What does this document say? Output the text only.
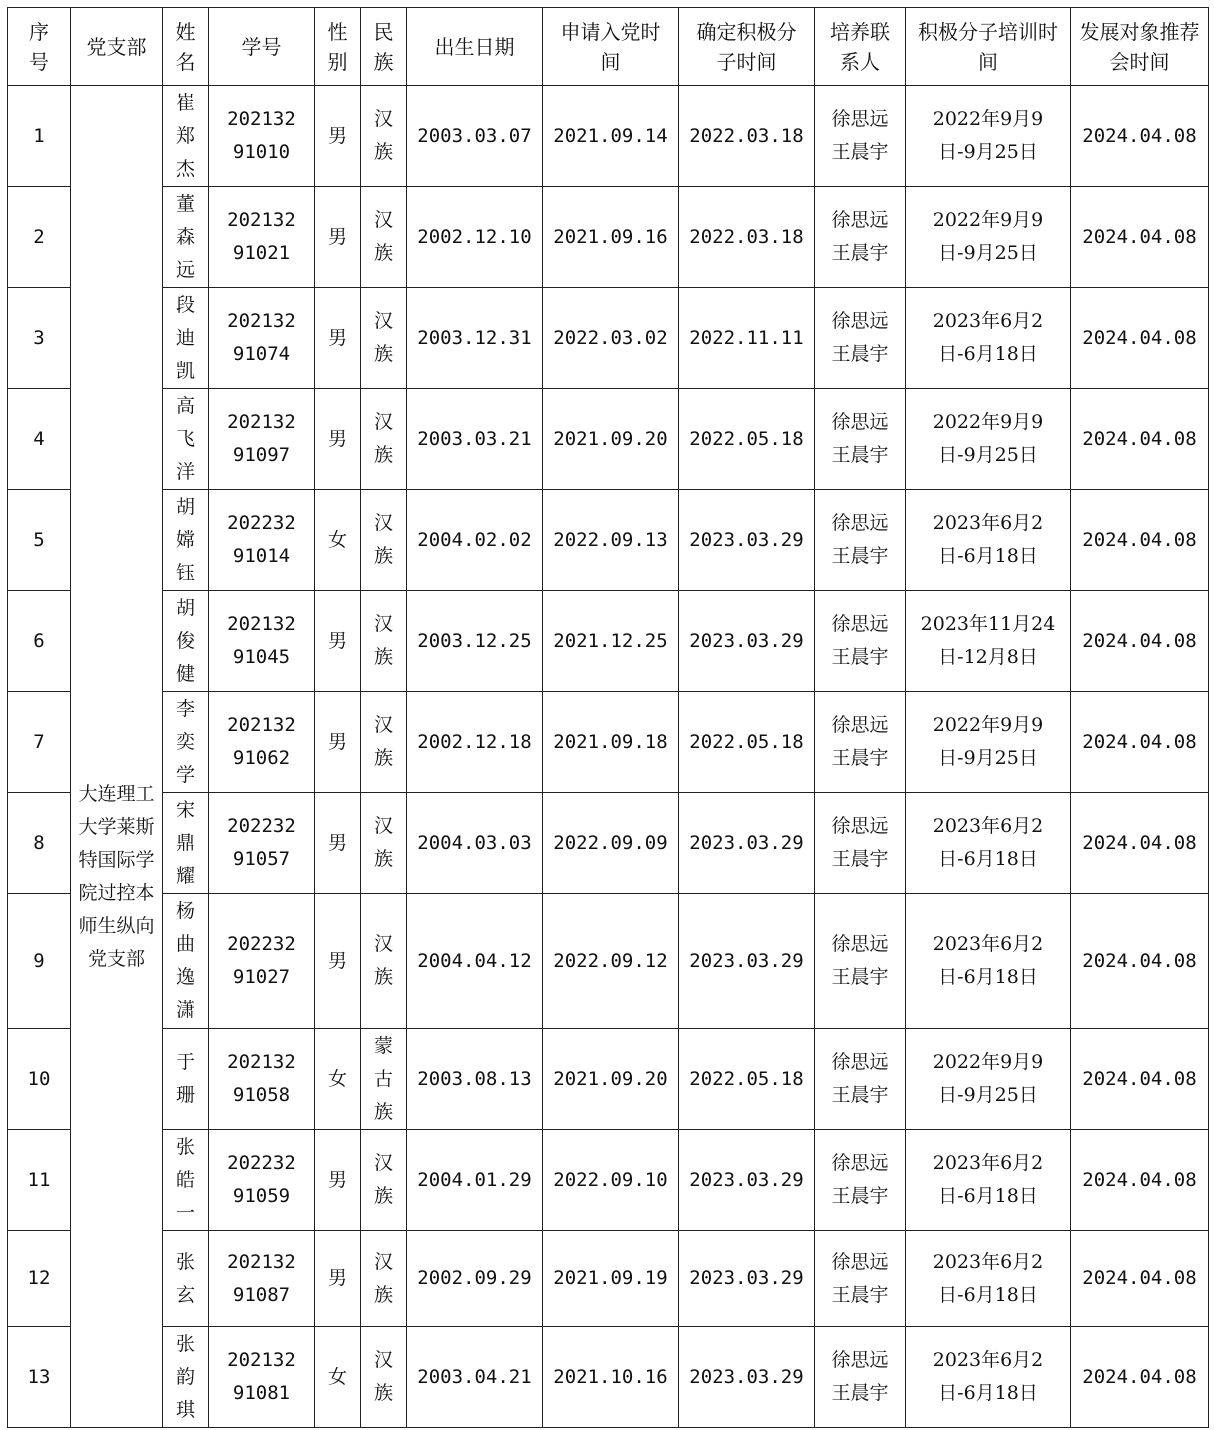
序号	党支部	姓名	学号	性别	民族	出生日期	申请入党时间	确定积极分子时间	培养联系人	积极分子培训时间	发展对象推荐会时间
1	大连理工大学莱斯特国际学院过控本师生纵向党支部	崔郑杰	20213291010	男	汉族	2003.03.07	2021.09.14	2022.03.18	徐思远王晨宇	2022年9月9日-9月25日	2024.04.08
2		董森远	20213291021	男	汉族	2002.12.10	2021.09.16	2022.03.18	徐思远王晨宇	2022年9月9日-9月25日	2024.04.08
3		段迪凯	20213291074	男	汉族	2003.12.31	2022.03.02	2022.11.11	徐思远王晨宇	2023年6月2日-6月18日	2024.04.08
4		高飞洋	20213291097	男	汉族	2003.03.21	2021.09.20	2022.05.18	徐思远王晨宇	2022年9月9日-9月25日	2024.04.08
5		胡嫦钰	20223291014	女	汉族	2004.02.02	2022.09.13	2023.03.29	徐思远王晨宇	2023年6月2日-6月18日	2024.04.08
6		胡俊健	20213291045	男	汉族	2003.12.25	2021.12.25	2023.03.29	徐思远王晨宇	2023年11月24日-12月8日	2024.04.08
7		李奕学	20213291062	男	汉族	2002.12.18	2021.09.18	2022.05.18	徐思远王晨宇	2022年9月9日-9月25日	2024.04.08
8		宋鼎耀	20223291057	男	汉族	2004.03.03	2022.09.09	2023.03.29	徐思远王晨宇	2023年6月2日-6月18日	2024.04.08
9		杨曲逸潇	20223291027	男	汉族	2004.04.12	2022.09.12	2023.03.29	徐思远王晨宇	2023年6月2日-6月18日	2024.04.08
10		于珊	20213291058	女	蒙古族	2003.08.13	2021.09.20	2022.05.18	徐思远王晨宇	2022年9月9日-9月25日	2024.04.08
11		张皓一	20223291059	男	汉族	2004.01.29	2022.09.10	2023.03.29	徐思远王晨宇	2023年6月2日-6月18日	2024.04.08
12		张玄	20213291087	男	汉族	2002.09.29	2021.09.19	2023.03.29	徐思远王晨宇	2023年6月2日-6月18日	2024.04.08
13		张韵琪	20213291081	女	汉族	2003.04.21	2021.10.16	2023.03.29	徐思远王晨宇	2023年6月2日-6月18日	2024.04.08
